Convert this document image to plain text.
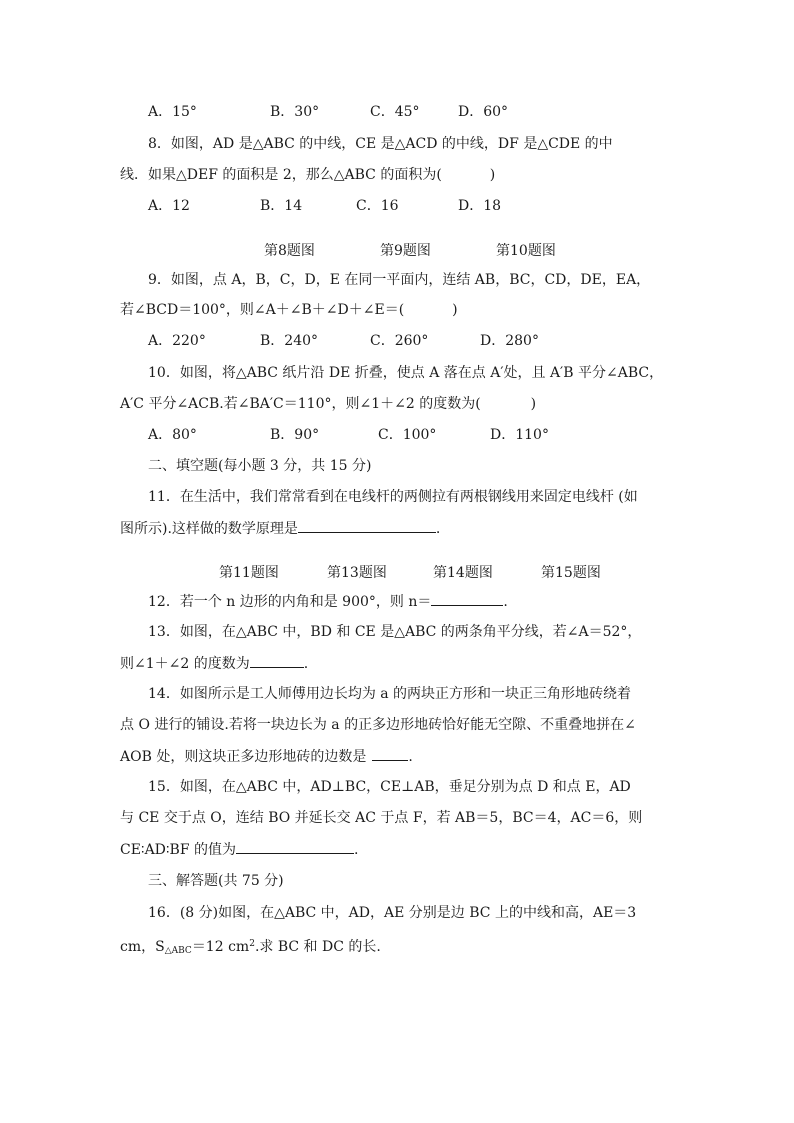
A．15°	B．30°	C．45°	D．60°
8．如图，AD 是△ABC 的中线，CE 是△ACD 的中线，DF 是△CDE 的中
线．如果△DEF 的面积是 2，那么△ABC 的面积为(	)
A．12	B．14	C．16	D．18
第8题图	第9题图	第10题图
9．如图，点 A，B，C，D，E 在同一平面内，连结 AB，BC，CD，DE，EA，
若∠BCD＝100°，则∠A＋∠B＋∠D＋∠E＝(	)
A．220°	B．240°	C．260°	D．280°
10．如图，将△ABC 纸片沿 DE 折叠，使点 A 落在点 A′处，且 A′B 平分∠ABC，
A′C 平分∠ACB.若∠BA′C＝110°，则∠1＋∠2 的度数为(	)
A．80°	B．90°	C．100°	D．110°
二、填空题(每小题 3 分，共 15 分)
11．在生活中，我们常常看到在电线杆的两侧拉有两根钢线用来固定电线杆 (如
图所示).这样做的数学原理是	.
第11题图	第13题图	第14题图	第15题图
12．若一个 n 边形的内角和是 900°，则 n＝	.
13．如图，在△ABC 中，BD 和 CE 是△ABC 的两条角平分线，若∠A＝52°，
则∠1＋∠2 的度数为	.
14．如图所示是工人师傅用边长均为 a 的两块正方形和一块正三角形地砖绕着
点 O 进行的铺设.若将一块边长为 a 的正多边形地砖恰好能无空隙、不重叠地拼在∠
AOB 处，则这块正多边形地砖的边数是	.
15．如图，在△ABC 中，AD⊥BC，CE⊥AB，垂足分别为点 D 和点 E，AD
与 CE 交于点 O，连结 BO 并延长交 AC 于点 F，若 AB＝5，BC＝4，AC＝6，则
CE∶AD∶BF 的值为	.
三、解答题(共 75 分)
16．(8 分)如图，在△ABC 中，AD，AE 分别是边 BC 上的中线和高，AE＝3
cm，$S_{\triangle ABC}=12$ $cm^2$.求 BC 和 DC 的长.
